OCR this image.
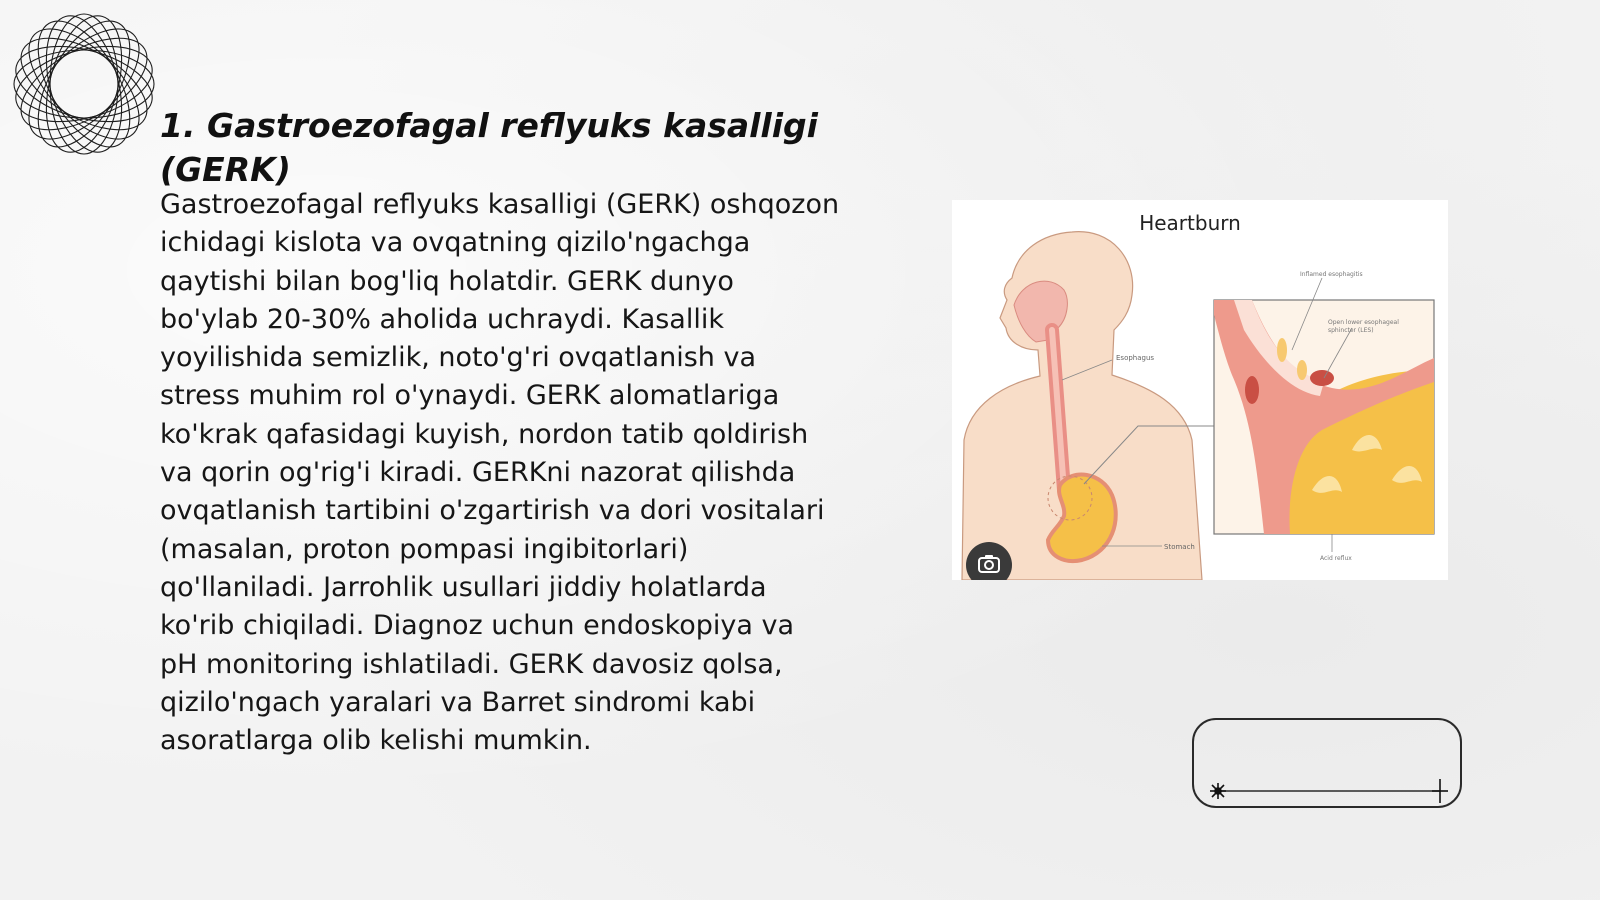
1. Gastroezofagal reflyuks kasalligi (GERK)

Gastroezofagal reflyuks kasalligi (GERK) oshqozon ichidagi kislota va ovqatning qizilo'ngachga qaytishi bilan bog'liq holatdir. GERK dunyo bo'ylab 20-30% aholida uchraydi. Kasallik yoyilishida semizlik, noto'g'ri ovqatlanish va stress muhim rol o'ynaydi. GERK alomatlariga ko'krak qafasidagi kuyish, nordon tatib qoldirish va qorin og'rig'i kiradi. GERKni nazorat qilishda ovqatlanish tartibini o'zgartirish va dori vositalari (masalan, proton pompasi ingibitorlari) qo'llaniladi. Jarrohlik usullari jiddiy holatlarda ko'rib chiqiladi. Diagnoz uchun endoskopiya va pH monitoring ishlatiladi. GERK davosiz qolsa, qizilo'ngach yaralari va Barret sindromi kabi asoratlarga olib kelishi mumkin.

Heartburn
Esophagus
Stomach
Inflamed esophagitis
Open lower esophageal
sphincter (LES)
Acid reflux
